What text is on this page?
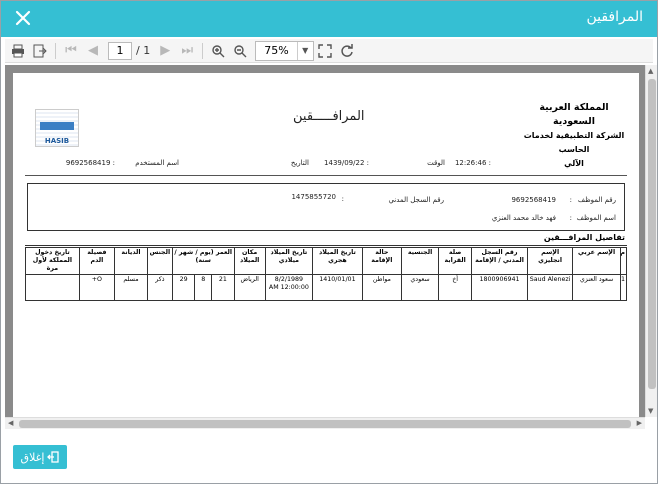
المرافقين
⏮ ◀	1	/ 1 ▶ ⏭	75%	▼
المملكة العربية السعودية
الشركة التطبيقية لخدمات
الحاسب
الآلي
المرافـــــقين
HASIB
الوقت : 12:26:46
التاريخ : 1439/09/22
اسم المستخدم
: 9692568419
رقم الموظف
:
9692568419
رقم السجل المدني
:
1475855720
اسم الموظف
:
فهد خالد محمد العنزي
تفاصيل المرافـــقين
م	الإسم عربي	الإسم انجليزي	رقم السجل المدني / الإقامة	صلة القرابة	الجنسية	حالة الإقامة	تاريخ الميلاد هجري	تاريخ الميلاد ميلادي	مكان الميلاد	العمر (يوم / شهر / سنة)			الجنس	الديانة	فصيلة الدم	تاريخ دخول المملكة لأول مرة
1	سعود العنزي	Saud Alenezi	1800906941	أخ	سعودي	مواطن	1410/01/01	8/2/1989 12:00:00 AM	الرياض	21	8	29	ذكر	مسلم	O+	
▲
▼
◀	▶
إغلاق
